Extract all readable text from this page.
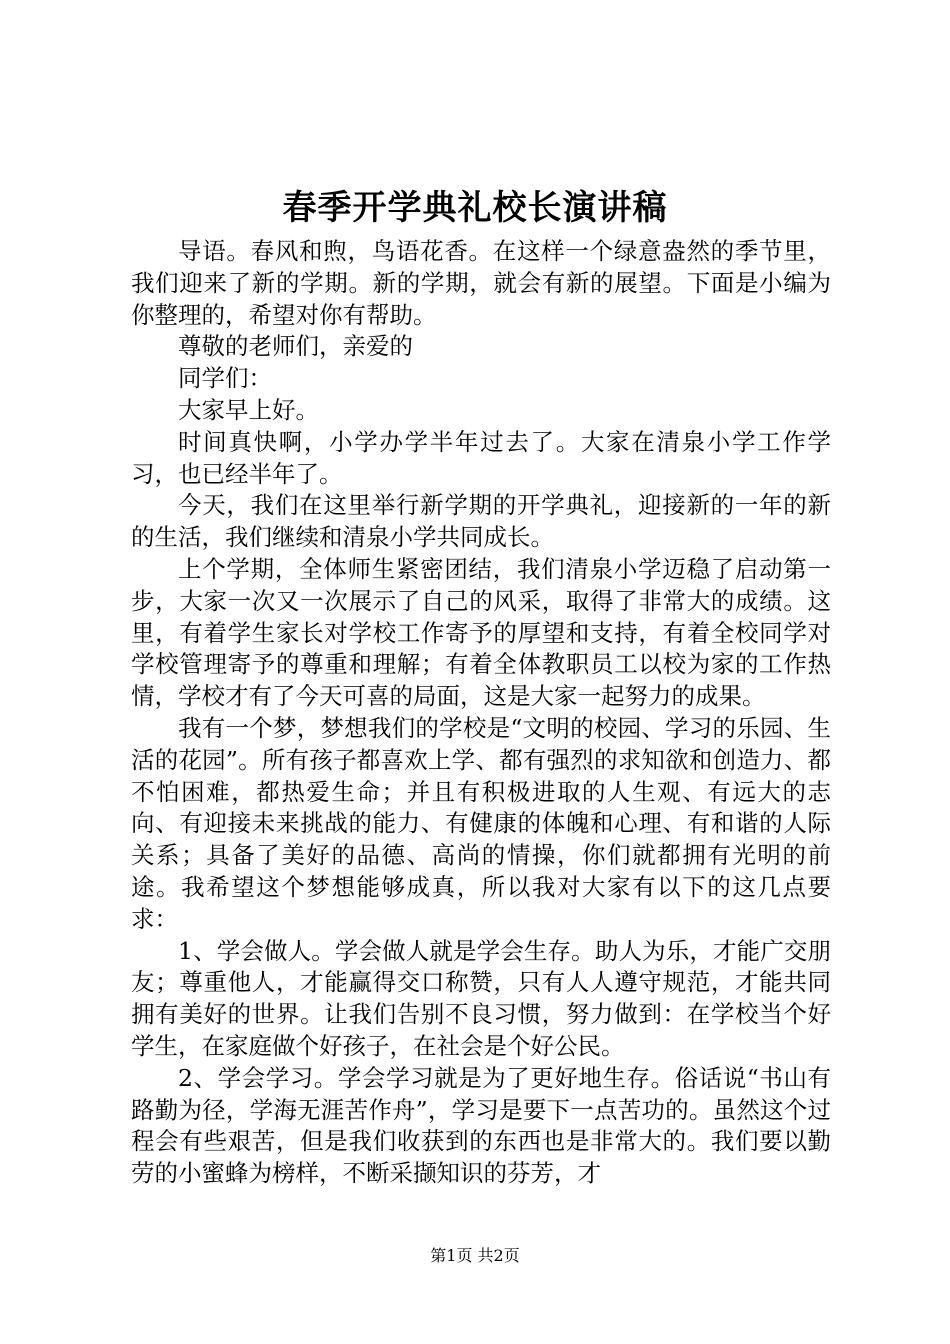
春季开学典礼校长演讲稿

导语。春风和煦，鸟语花香。在这样一个绿意盎然的季节里，我们迎来了新的学期。新的学期，就会有新的展望。下面是小编为你整理的，希望对你有帮助。

尊敬的老师们，亲爱的

同学们：

大家早上好。

时间真快啊，小学办学半年过去了。大家在清泉小学工作学习，也已经半年了。

今天，我们在这里举行新学期的开学典礼，迎接新的一年的新的生活，我们继续和清泉小学共同成长。

上个学期，全体师生紧密团结，我们清泉小学迈稳了启动第一步，大家一次又一次展示了自己的风采，取得了非常大的成绩。这里，有着学生家长对学校工作寄予的厚望和支持，有着全校同学对学校管理寄予的尊重和理解；有着全体教职员工以校为家的工作热情，学校才有了今天可喜的局面，这是大家一起努力的成果。

我有一个梦，梦想我们的学校是“文明的校园、学习的乐园、生活的花园”。所有孩子都喜欢上学、都有强烈的求知欲和创造力、都不怕困难，都热爱生命；并且有积极进取的人生观、有远大的志向、有迎接未来挑战的能力、有健康的体魄和心理、有和谐的人际关系；具备了美好的品德、高尚的情操，你们就都拥有光明的前途。我希望这个梦想能够成真，所以我对大家有以下的这几点要求：

1、学会做人。学会做人就是学会生存。助人为乐，才能广交朋友；尊重他人，才能赢得交口称赞，只有人人遵守规范，才能共同拥有美好的世界。让我们告别不良习惯，努力做到：在学校当个好学生，在家庭做个好孩子，在社会是个好公民。

2、学会学习。学会学习就是为了更好地生存。俗话说“书山有路勤为径，学海无涯苦作舟”，学习是要下一点苦功的。虽然这个过程会有些艰苦，但是我们收获到的东西也是非常大的。我们要以勤劳的小蜜蜂为榜样，不断采撷知识的芬芳，才

第1页 共2页
